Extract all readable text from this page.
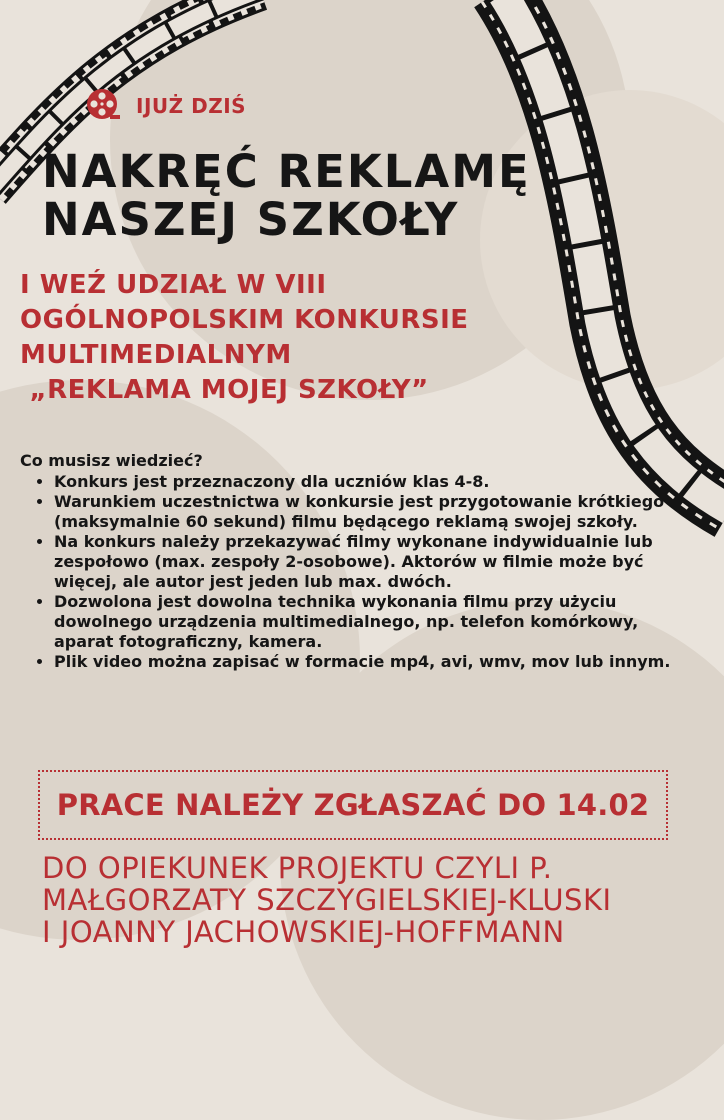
IJUŻ DZIŚ
NAKRĘĆ REKLAMĘ
NASZEJ SZKOŁY
I WEŹ UDZIAŁ W VIII
OGÓLNOPOLSKIM KONKURSIE
MULTIMEDIALNYM
„REKLAMA MOJEJ SZKOŁY”
Co musisz wiedzieć?
• Konkurs jest przeznaczony dla uczniów klas 4-8.
• Warunkiem uczestnictwa w konkursie jest przygotowanie krótkiego (maksymalnie 60 sekund) filmu będącego reklamą swojej szkoły.
• Na konkurs należy przekazywać filmy wykonane indywidualnie lub zespołowo (max. zespoły 2-osobowe). Aktorów w filmie może być więcej, ale autor jest jeden lub max. dwóch.
• Dozwolona jest dowolna technika wykonania filmu przy użyciu dowolnego urządzenia multimedialnego, np. telefon komórkowy, aparat fotograficzny, kamera.
• Plik video można zapisać w formacie mp4, avi, wmv, mov lub innym.
PRACE NALEŻY ZGŁASZAĆ DO 14.02
DO OPIEKUNEK PROJEKTU CZYLI P.
MAŁGORZATY SZCZYGIELSKIEJ-KLUSKI
I JOANNY JACHOWSKIEJ-HOFFMANN
